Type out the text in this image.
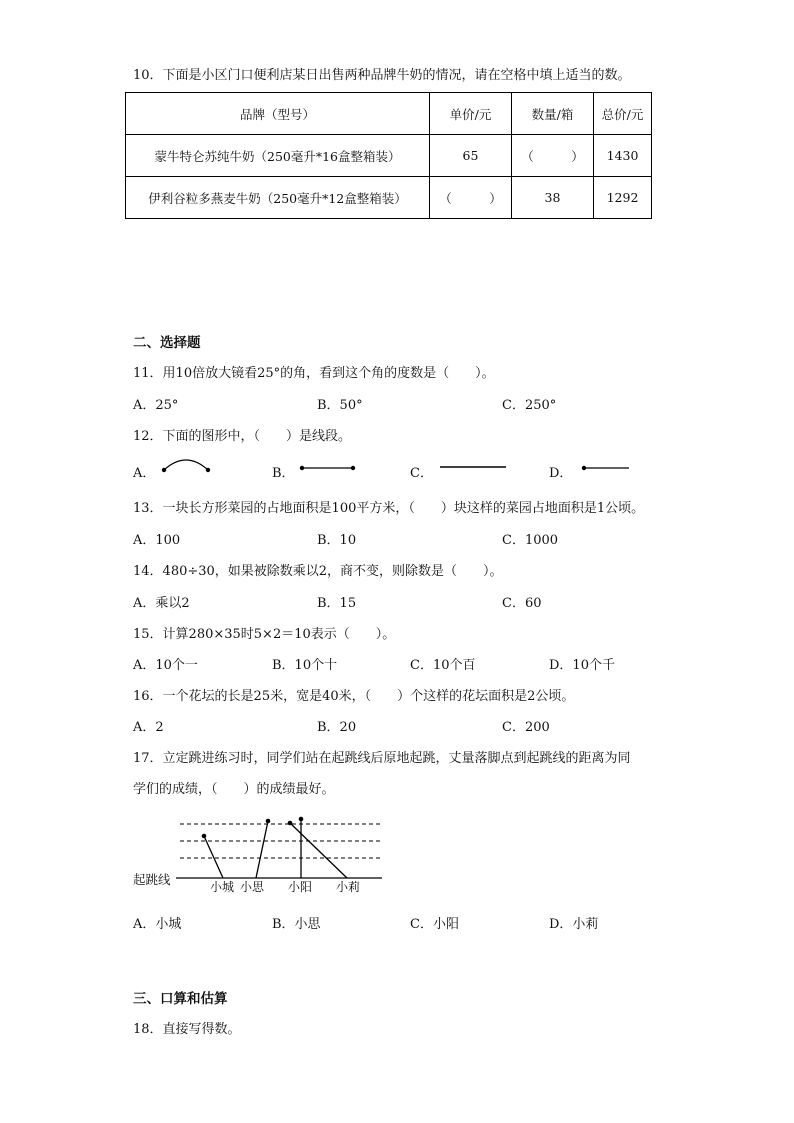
10．下面是小区门口便利店某日出售两种品牌牛奶的情况，请在空格中填上适当的数。
品牌（型号）	单价/元	数量/箱	总价/元
蒙牛特仑苏纯牛奶（250毫升*16盒整箱装）	65	（　　　）	1430
伊利谷粒多燕麦牛奶（250毫升*12盒整箱装）	（　　　）	38	1292
二、选择题
11．用10倍放大镜看25°的角，看到这个角的度数是（　　）。
A．25°	B．50°	C．250°
12．下面的图形中，（　　）是线段。
A．	B．	C．	D．
13．一块长方形菜园的占地面积是100平方米，（　　）块这样的菜园占地面积是1公顷。
A．100	B．10	C．1000
14．480÷30，如果被除数乘以2，商不变，则除数是（　　）。
A．乘以2	B．15	C．60
15．计算280×35时5×2＝10表示（　　）。
A．10个一	B．10个十	C．10个百	D．10个千
16．一个花坛的长是25米，宽是40米，（　　）个这样的花坛面积是2公顷。
A．2	B．20	C．200
17．立定跳进练习时，同学们站在起跳线后原地起跳，丈量落脚点到起跳线的距离为同
学们的成绩，（　　）的成绩最好。
起跳线	小城 小思 小阳 小莉
A．小城	B．小思	C．小阳	D．小莉
三、口算和估算
18．直接写得数。
